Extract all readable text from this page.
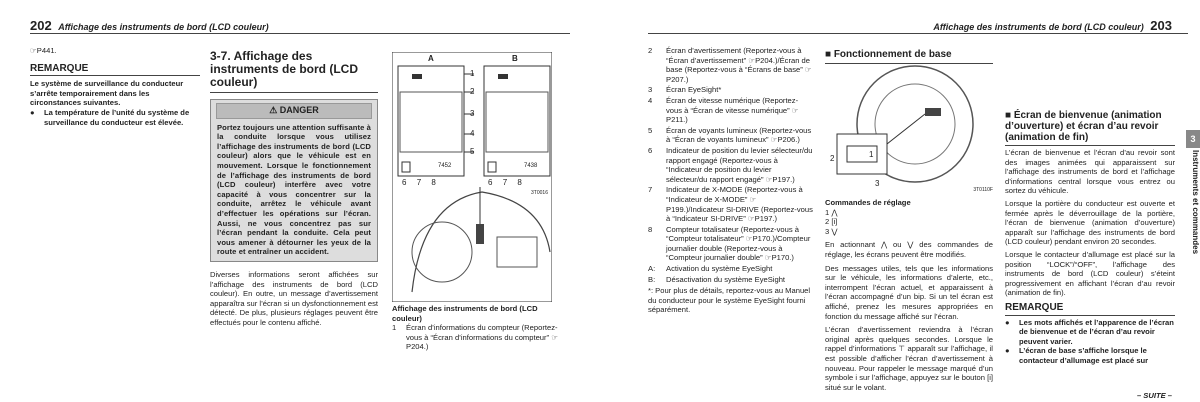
202 Affichage des instruments de bord (LCD couleur)
☞P441.
REMARQUE
Le système de surveillance du conducteur s’arrête temporairement dans les circonstances suivantes.
●	La température de l’unité du système de surveillance du conducteur est élevée.
3-7. Affichage des instruments de bord (LCD couleur)
⚠ DANGER
Portez toujours une attention suffisante à la conduite lorsque vous utilisez l’affichage des instruments de bord (LCD couleur) alors que le véhicule est en mouvement. Lorsque le fonctionnement de l’affichage des instruments de bord (LCD couleur) interfère avec votre capacité à vous concentrer sur la conduite, arrêtez le véhicule avant d’effectuer les opérations sur l’écran. Aussi, ne vous concentrez pas sur l’écran pendant la conduite. Cela peut vous amener à détourner les yeux de la route et entraîner un accident.
Diverses informations seront affichées sur l’affichage des instruments de bord (LCD couleur). En outre, un message d’avertissement apparaîtra sur l’écran si un dysfonctionnement est détecté. De plus, plusieurs réglages peuvent être effectués pour le contenu affiché.
A	B
1
2
3
4
5
7452	7438
6 7 8	6 7 8
3T0016
Affichage des instruments de bord (LCD couleur)
1	Écran d’informations du compteur (Reportez-vous à “Écran d’informations du compteur” ☞P204.)
Affichage des instruments de bord (LCD couleur) 203
2	Écran d’avertissement (Reportez-vous à “Écran d’avertissement” ☞P204.)/Écran de base (Reportez-vous à “Écrans de base” ☞P207.)
3	Écran EyeSight*
4	Écran de vitesse numérique (Reportez-vous à “Écran de vitesse numérique” ☞P211.)
5	Écran de voyants lumineux (Reportez-vous à “Écran de voyants lumineux” ☞P206.)
6	Indicateur de position du levier sélecteur/du rapport engagé (Reportez-vous à “Indicateur de position du levier sélecteur/du rapport engagé” ☞P197.)
7	Indicateur de X-MODE (Reportez-vous à “Indicateur de X-MODE” ☞P199.)/Indicateur SI-DRIVE (Reportez-vous à “Indicateur SI-DRIVE” ☞P197.)
8	Compteur totalisateur (Reportez-vous à “Compteur totalisateur” ☞P170.)/Compteur journalier double (Reportez-vous à “Compteur journalier double” ☞P170.)
A:	Activation du système EyeSight
B:	Désactivation du système EyeSight
*: Pour plus de détails, reportez-vous au Manuel du conducteur pour le système EyeSight fourni séparément.
■ Fonctionnement de base
1
2
3
3T0110F
Commandes de réglage
1 ⋀
2 [i]
3 ⋁
En actionnant ⋀ ou ⋁ des commandes de réglage, les écrans peuvent être modifiés.
Des messages utiles, tels que les informations sur le véhicule, les informations d’alerte, etc., interrompent l’écran actuel, et apparaissent à l’écran accompagné d’un bip. Si un tel écran est affiché, prenez les mesures appropriées en fonction du message affiché sur l’écran.
L’écran d’avertissement reviendra à l’écran original après quelques secondes. Lorsque le rappel d’informations ⊤ apparaît sur l’affichage, il est possible d’afficher l’écran d’avertissement à nouveau. Pour rappeler le message marqué d’un symbole i sur l’affichage, appuyez sur le bouton [i] situé sur le volant.
■ Écran de bienvenue (animation d’ouverture) et écran d’au revoir (animation de fin)
L’écran de bienvenue et l’écran d’au revoir sont des images animées qui apparaissent sur l’affichage des instruments de bord et l’affichage d’informations central lorsque vous entrez ou sortez du véhicule.
Lorsque la portière du conducteur est ouverte et fermée après le déverrouillage de la portière, l’écran de bienvenue (animation d’ouverture) apparaît sur l’affichage des instruments de bord (LCD couleur) pendant environ 20 secondes.
Lorsque le contacteur d’allumage est placé sur la position “LOCK”/“OFF”, l’affichage des instruments de bord (LCD couleur) s’éteint progressivement en affichant l’écran d’au revoir (animation de fin).
REMARQUE
●	Les mots affichés et l’apparence de l’écran de bienvenue et de l’écran d’au revoir peuvent varier.
●	L’écran de base s’affiche lorsque le contacteur d’allumage est placé sur
3
Instruments et commandes
– SUITE –
